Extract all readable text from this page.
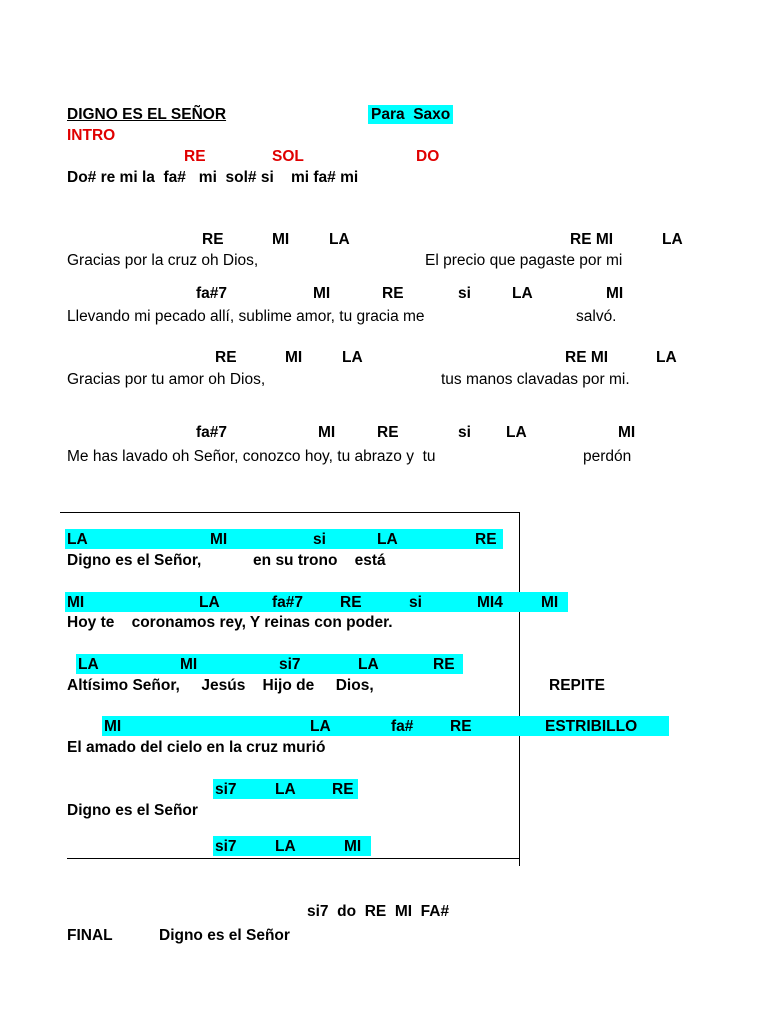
DIGNO ES EL SEÑOR	Para  Saxo
INTRO
RE	SOL	DO
Do# re mi la  fa#   mi  sol# si    mi fa# mi
RE	MI	LA	RE MI	LA
Gracias por la cruz oh Dios,	El precio que pagaste por mi
fa#7	MI	RE	si	LA	MI
Llevando mi pecado allí, sublime amor, tu gracia me	salvó.
RE	MI	LA	RE MI	LA
Gracias por tu amor oh Dios,	tus manos clavadas por mi.
fa#7	MI	RE	si LA	MI
Me has lavado oh Señor, conozco hoy, tu abrazo y  tu	perdón
LA	MI	si	LA	RE
Digno es el Señor,            en su trono    está
MI	LA	fa#7 RE	si	MI4 MI
Hoy te    coronamos rey, Y reinas con poder.
LA	MI	si7	LA	RE
Altísimo Señor,     Jesús    Hijo de     Dios,	REPITE
MI	LA	fa# RE	ESTRIBILLO
El amado del cielo en la cruz murió
si7 LA RE
Digno es el Señor
si7 LA	MI
si7  do  RE  MI  FA#
FINAL	Digno es el Señor
